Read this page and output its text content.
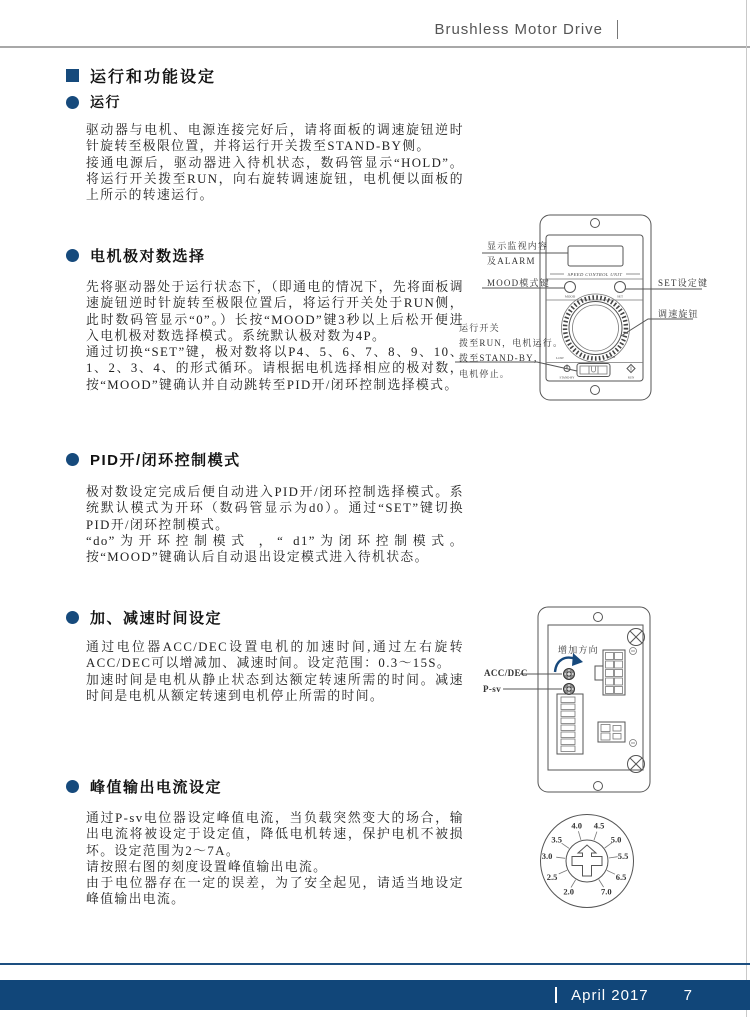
Brushless Motor Drive
运行和功能设定
运行

驱动器与电机、电源连接完好后，请将面板的调速旋钮逆时针旋转至极限位置，并将运行开关拨至STAND-BY侧。

接通电源后，驱动器进入待机状态，数码管显示“HOLD”。将运行开关拨至RUN，向右旋转调速旋钮，电机便以面板的上所示的转速运行。

电机极对数选择

先将驱动器处于运行状态下，（即通电的情况下，先将面板调速旋钮逆时针旋转至极限位置后，将运行开关处于RUN侧，此时数码管显示“0”。）长按“MOOD”键3秒以上后松开便进入电机极对数选择模式。系统默认极对数为4P。

通过切换“SET”键，极对数将以P4、5、6、7、8、9、10、1、2、3、4、的形式循环。请根据电机选择相应的极对数，按“MOOD”键确认并自动跳转至PID开/闭环控制选择模式。

PID开/闭环控制模式

极对数设定完成后便自动进入PID开/闭环控制选择模式。系统默认模式为开环（数码管显示为d0）。通过“SET”键切换PID开/闭环控制模式。

“do”为开环控制模式 ，“ d1”为闭环控制模式。按“MOOD”键确认后自动退出设定模式进入待机状态。

加、减速时间设定

通过电位器ACC/DEC设置电机的加速时间,通过左右旋转ACC/DEC可以增减加、减速时间。设定范围：0.3～15S。

加速时间是电机从静止状态到达额定转速所需的时间。减速时间是电机从额定转速到电机停止所需的时间。

峰值输出电流设定

通过P-sv电位器设定峰值电流，当负载突然变大的场合，输出电流将被设定于设定值，降低电机转速，保护电机不被损坏。设定范围为2～7A。

请按照右图的刻度设置峰值输出电流。

由于电位器存在一定的误差，为了安全起见，请适当地设定峰值输出电流。

SPEED CONTROL UNIT
MOOD	SET
LOW	HIGH
STAND-BY	RUN
显示监视内容
及ALARM
MOOD模式键	SET设定键
调速旋钮
运行开关
拨至RUN，电机运行。
拨至STAND-BY，
电机停止。
增加方向
ACC/DEC
P-sv
2.0
2.5
3.0
3.5
4.0 4.5
5.0
5.5
6.5
7.0
April 2017 7
